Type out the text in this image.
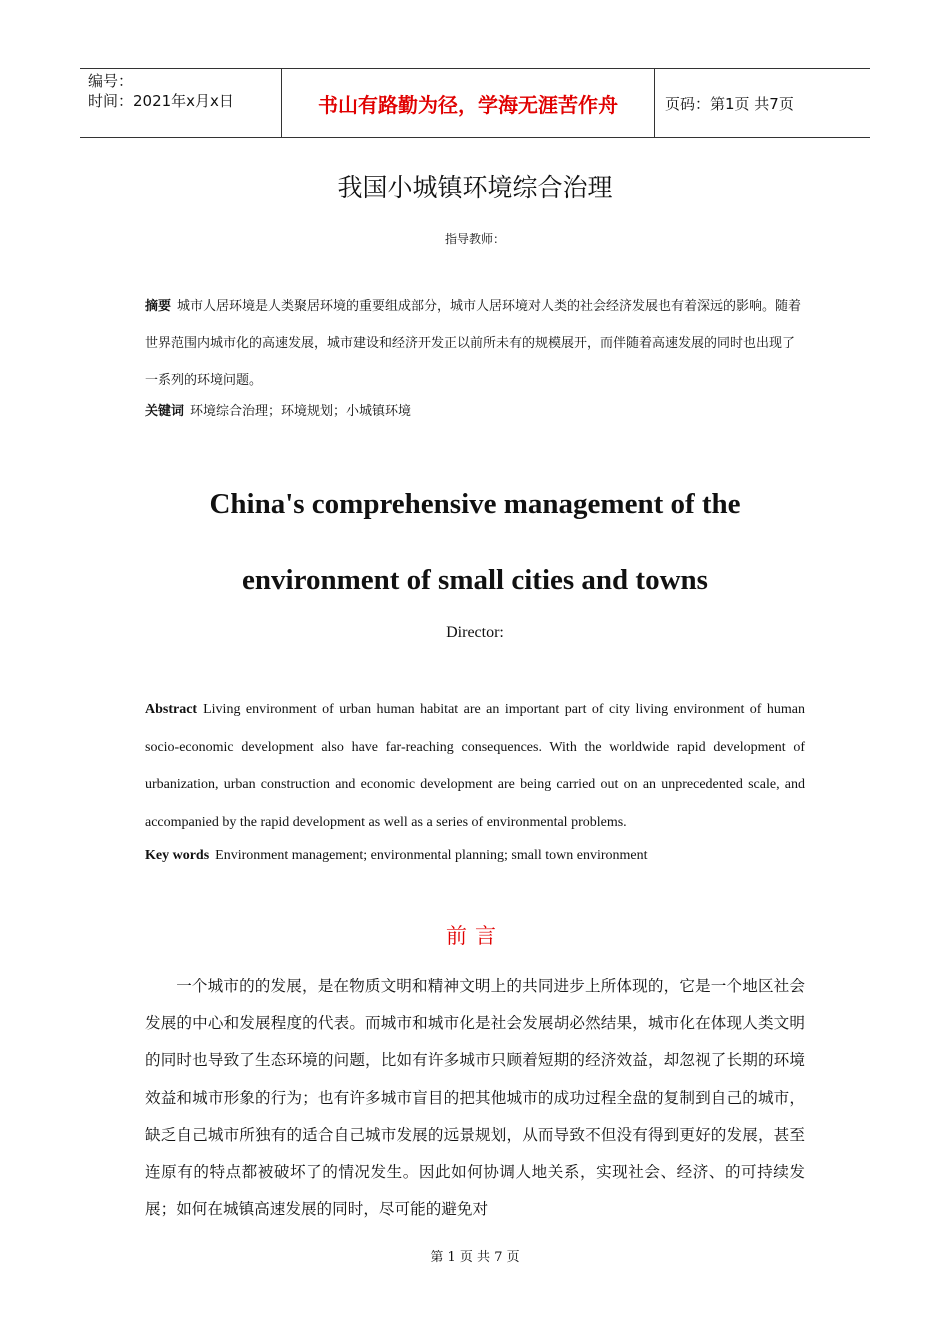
编号：
时间：2021年x月x日	书山有路勤为径，学海无涯苦作舟	页码：第1页 共7页
我国小城镇环境综合治理
指导教师：
摘要 城市人居环境是人类聚居环境的重要组成部分，城市人居环境对人类的社会经济发展也有着深远的影响。随着世界范围内城市化的高速发展，城市建设和经济开发正以前所未有的规模展开，而伴随着高速发展的同时也出现了一系列的环境问题。
关键词 环境综合治理；环境规划；小城镇环境
China's comprehensive management of the
environment of small cities and towns
Director:
Abstract Living environment of urban human habitat are an important part of city living environment of human socio-economic development also have far-reaching consequences. With the worldwide rapid development of urbanization, urban construction and economic development are being carried out on an unprecedented scale, and accompanied by the rapid development as well as a series of environmental problems.
Key words Environment management; environmental planning; small town environment
前言
一个城市的的发展，是在物质文明和精神文明上的共同进步上所体现的，它是一个地区社会发展的中心和发展程度的代表。而城市和城市化是社会发展胡必然结果，城市化在体现人类文明的同时也导致了生态环境的问题，比如有许多城市只顾着短期的经济效益，却忽视了长期的环境效益和城市形象的行为；也有许多城市盲目的把其他城市的成功过程全盘的复制到自己的城市，缺乏自己城市所独有的适合自己城市发展的远景规划，从而导致不但没有得到更好的发展，甚至连原有的特点都被破坏了的情况发生。因此如何协调人地关系，实现社会、经济、的可持续发展；如何在城镇高速发展的同时，尽可能的避免对
第 1 页 共 7 页
